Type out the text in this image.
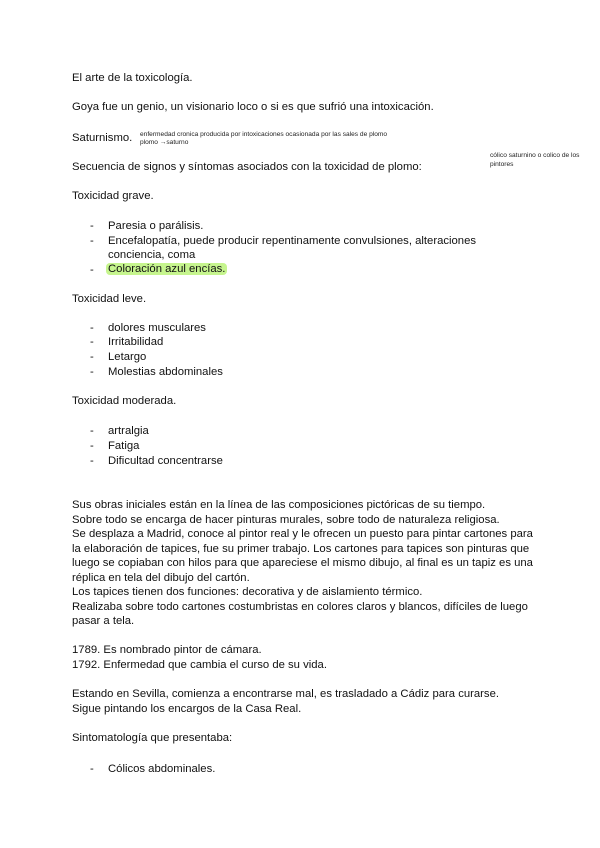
El arte de la toxicología.
Goya fue un genio, un visionario loco o si es que sufrió una intoxicación.
Saturnismo. enfermedad cronica producida por intoxicaciones ocasionada por las sales de plomo
plomo →saturno
cólico saturnino o colico de los
pintores
Secuencia de signos y síntomas asociados con la toxicidad de plomo:
Toxicidad grave.
- Paresia o parálisis.
- Encefalopatía, puede producir repentinamente convulsiones, alteraciones
conciencia, coma
- Coloración azul encías.
Toxicidad leve.
- dolores musculares
- Irritabilidad
- Letargo
- Molestias abdominales
Toxicidad moderada.
- artralgia
- Fatiga
- Dificultad concentrarse
Sus obras iniciales están en la línea de las composiciones pictóricas de su tiempo.
Sobre todo se encarga de hacer pinturas murales, sobre todo de naturaleza religiosa.
Se desplaza a Madrid, conoce al pintor real y le ofrecen un puesto para pintar cartones para
la elaboración de tapices, fue su primer trabajo. Los cartones para tapices son pinturas que
luego se copiaban con hilos para que apareciese el mismo dibujo, al final es un tapiz es una
réplica en tela del dibujo del cartón.
Los tapices tienen dos funciones: decorativa y de aislamiento térmico.
Realizaba sobre todo cartones costumbristas en colores claros y blancos, difíciles de luego
pasar a tela.
1789. Es nombrado pintor de cámara.
1792. Enfermedad que cambia el curso de su vida.
Estando en Sevilla, comienza a encontrarse mal, es trasladado a Cádiz para curarse.
Sigue pintando los encargos de la Casa Real.
Sintomatología que presentaba:
- Cólicos abdominales.
